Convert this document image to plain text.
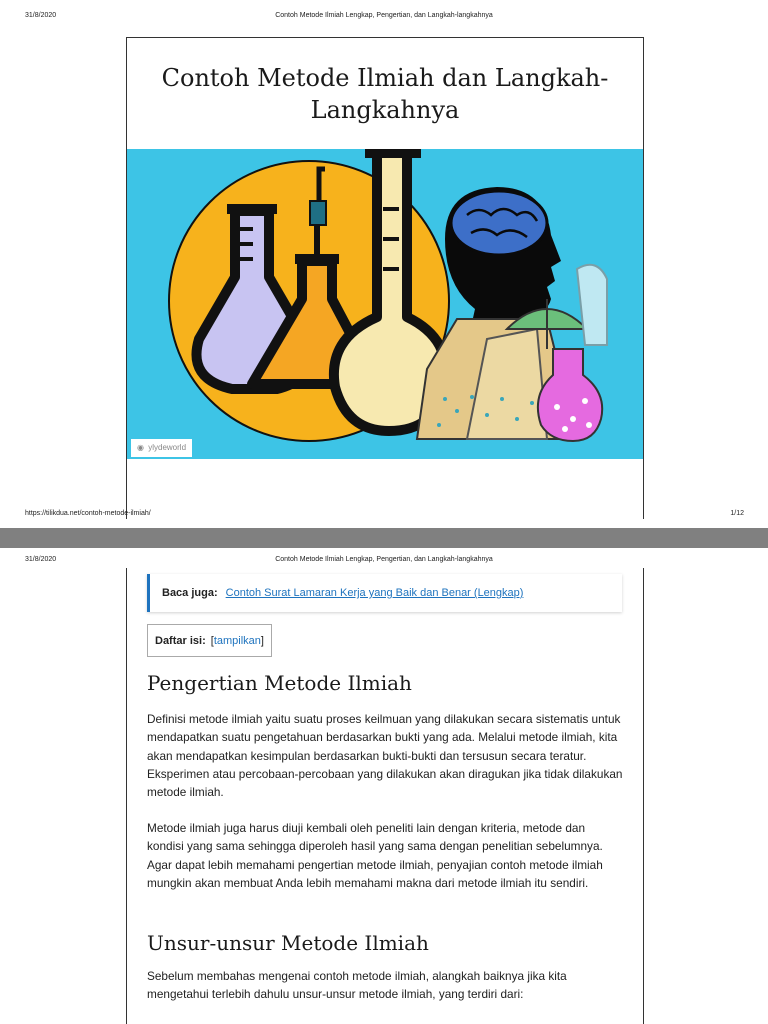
31/8/2020	Contoh Metode Ilmiah Lengkap, Pengertian, dan Langkah-langkahnya
Contoh Metode Ilmiah dan Langkah-Langkahnya
◉ ylydeworld
https://tilikdua.net/contoh-metode-ilmiah/	1/12
31/8/2020	Contoh Metode Ilmiah Lengkap, Pengertian, dan Langkah-langkahnya
Baca juga: Contoh Surat Lamaran Kerja yang Baik dan Benar (Lengkap)
Daftar isi: [ tampilkan ]
Pengertian Metode Ilmiah

Definisi metode ilmiah yaitu suatu proses keilmuan yang dilakukan secara sistematis untuk mendapatkan suatu pengetahuan berdasarkan bukti yang ada. Melalui metode ilmiah, kita akan mendapatkan kesimpulan berdasarkan bukti-bukti dan tersusun secara teratur. Eksperimen atau percobaan-percobaan yang dilakukan akan diragukan jika tidak dilakukan metode ilmiah.

Metode ilmiah juga harus diuji kembali oleh peneliti lain dengan kriteria, metode dan kondisi yang sama sehingga diperoleh hasil yang sama dengan penelitian sebelumnya. Agar dapat lebih memahami pengertian metode ilmiah, penyajian contoh metode ilmiah mungkin akan membuat Anda lebih memahami makna dari metode ilmiah itu sendiri.

Unsur-unsur Metode Ilmiah

Sebelum membahas mengenai contoh metode ilmiah, alangkah baiknya jika kita mengetahui terlebih dahulu unsur-unsur metode ilmiah, yang terdiri dari:
